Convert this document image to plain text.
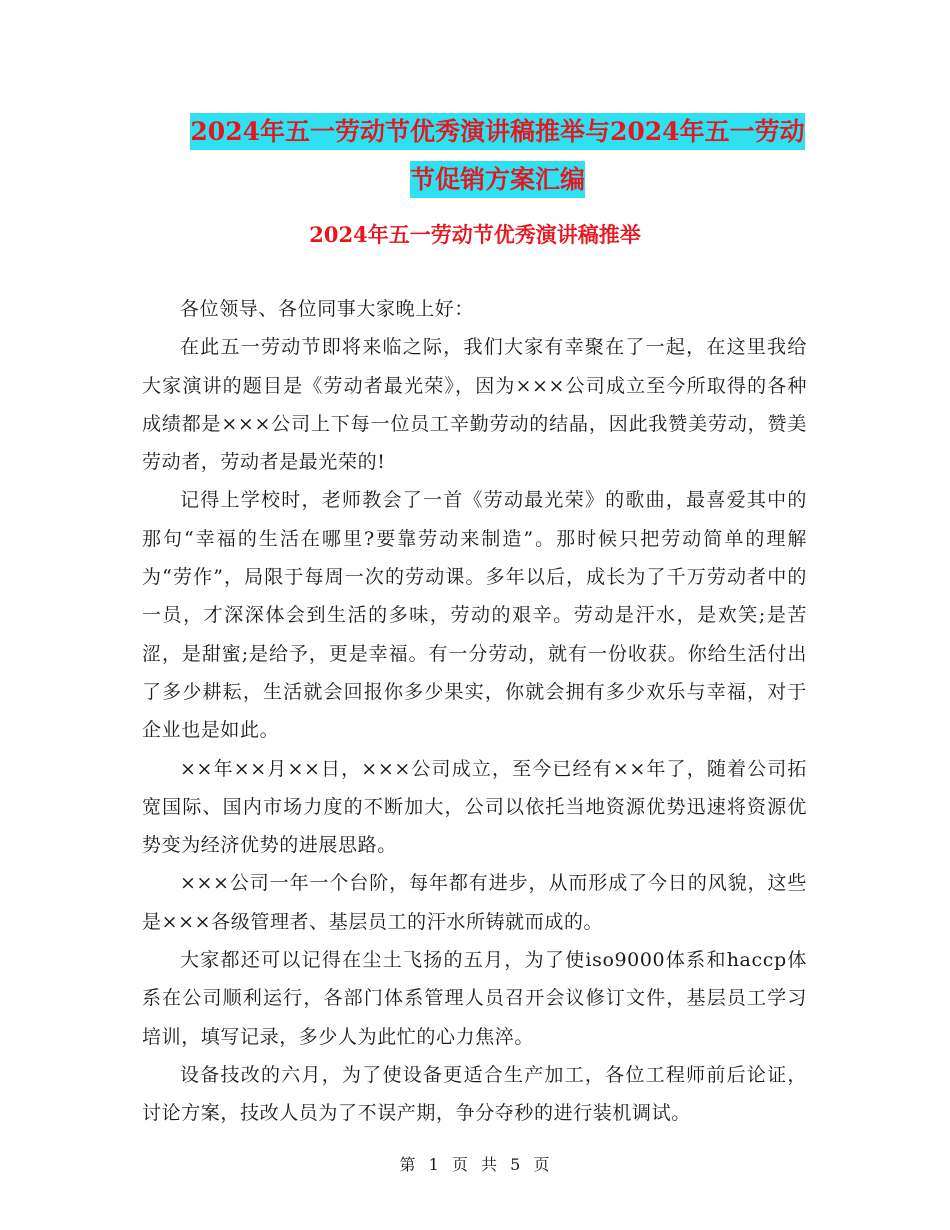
2024年五一劳动节优秀演讲稿推举与2024年五一劳动
节促销方案汇编
2024年五一劳动节优秀演讲稿推举

各位领导、各位同事大家晚上好：

在此五一劳动节即将来临之际，我们大家有幸聚在了一起，在这里我给大家演讲的题目是《劳动者最光荣》，因为×××公司成立至今所取得的各种成绩都是×××公司上下每一位员工辛勤劳动的结晶，因此我赞美劳动，赞美劳动者，劳动者是最光荣的!

记得上学校时，老师教会了一首《劳动最光荣》的歌曲，最喜爱其中的那句“幸福的生活在哪里?要靠劳动来制造”。那时候只把劳动简单的理解为“劳作”，局限于每周一次的劳动课。多年以后，成长为了千万劳动者中的一员，才深深体会到生活的多味，劳动的艰辛。劳动是汗水，是欢笑;是苦涩，是甜蜜;是给予，更是幸福。有一分劳动，就有一份收获。你给生活付出了多少耕耘，生活就会回报你多少果实，你就会拥有多少欢乐与幸福，对于企业也是如此。

××年××月××日，×××公司成立，至今已经有××年了，随着公司拓宽国际、国内市场力度的不断加大，公司以依托当地资源优势迅速将资源优势变为经济优势的进展思路。

×××公司一年一个台阶，每年都有进步，从而形成了今日的风貌，这些是×××各级管理者、基层员工的汗水所铸就而成的。

大家都还可以记得在尘土飞扬的五月，为了使iso9000体系和haccp体系在公司顺利运行，各部门体系管理人员召开会议修订文件，基层员工学习培训，填写记录，多少人为此忙的心力焦淬。

设备技改的六月，为了使设备更适合生产加工，各位工程师前后论证，讨论方案，技改人员为了不误产期，争分夺秒的进行装机调试。

第 1 页 共 5 页
